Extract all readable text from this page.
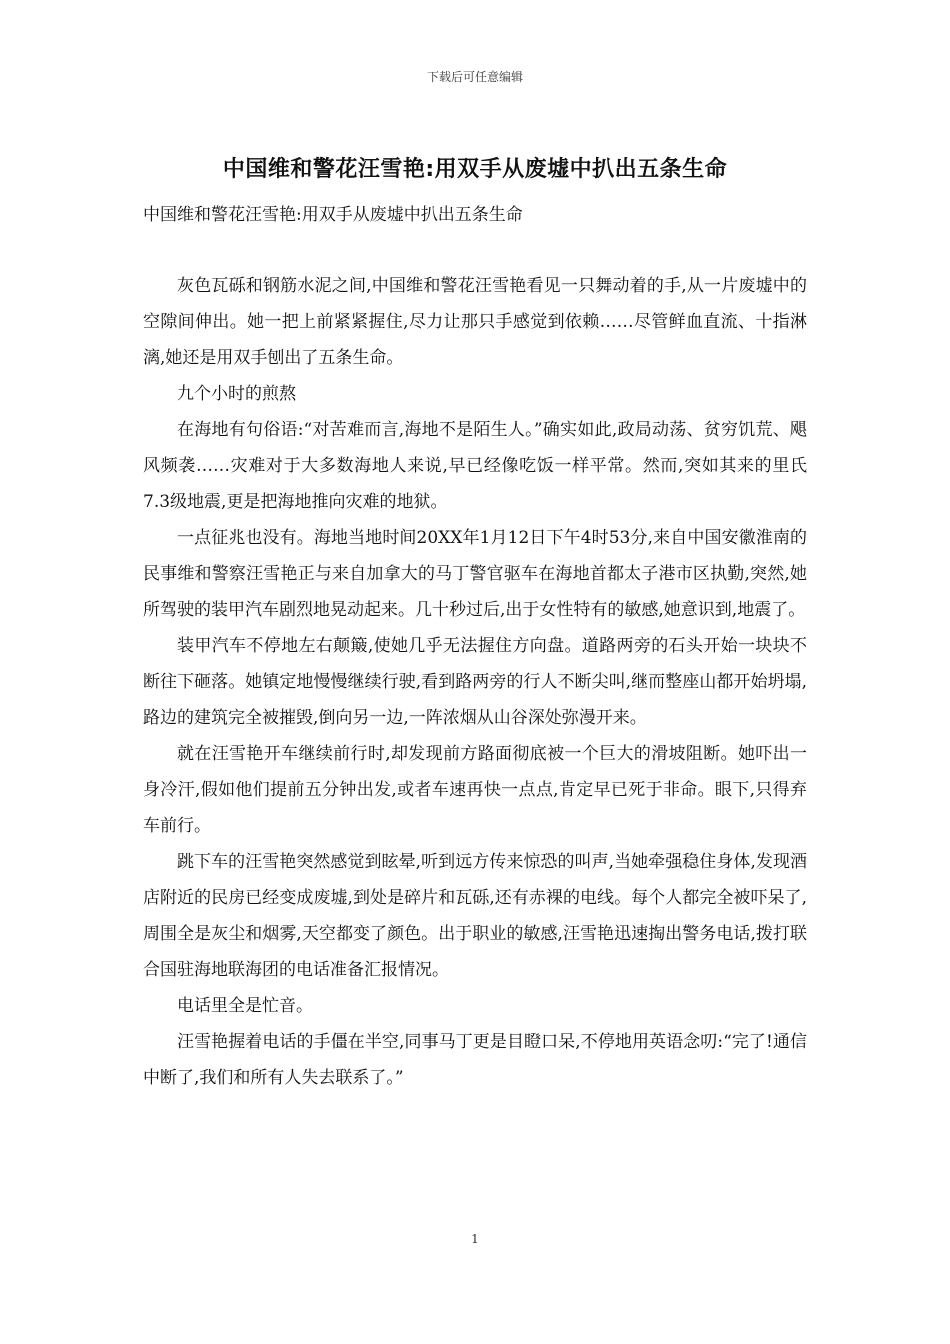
下载后可任意编辑
中国维和警花汪雪艳:用双手从废墟中扒出五条生命
中国维和警花汪雪艳:用双手从废墟中扒出五条生命

灰色瓦砾和钢筋水泥之间,中国维和警花汪雪艳看见一只舞动着的手,从一片废墟中的空隙间伸出。她一把上前紧紧握住,尽力让那只手感觉到依赖……尽管鲜血直流、十指淋漓,她还是用双手刨出了五条生命。

九个小时的煎熬

在海地有句俗语:“对苦难而言,海地不是陌生人。”确实如此,政局动荡、贫穷饥荒、飓风频袭……灾难对于大多数海地人来说,早已经像吃饭一样平常。然而,突如其来的里氏7.3级地震,更是把海地推向灾难的地狱。

一点征兆也没有。海地当地时间20XX年1月12日下午4时53分,来自中国安徽淮南的民事维和警察汪雪艳正与来自加拿大的马丁警官驱车在海地首都太子港市区执勤,突然,她所驾驶的装甲汽车剧烈地晃动起来。几十秒过后,出于女性特有的敏感,她意识到,地震了。

装甲汽车不停地左右颠簸,使她几乎无法握住方向盘。道路两旁的石头开始一块块不断往下砸落。她镇定地慢慢继续行驶,看到路两旁的行人不断尖叫,继而整座山都开始坍塌,路边的建筑完全被摧毁,倒向另一边,一阵浓烟从山谷深处弥漫开来。

就在汪雪艳开车继续前行时,却发现前方路面彻底被一个巨大的滑坡阻断。她吓出一身冷汗,假如他们提前五分钟出发,或者车速再快一点点,肯定早已死于非命。眼下,只得弃车前行。

跳下车的汪雪艳突然感觉到眩晕,听到远方传来惊恐的叫声,当她牵强稳住身体,发现酒店附近的民房已经变成废墟,到处是碎片和瓦砾,还有赤裸的电线。每个人都完全被吓呆了,周围全是灰尘和烟雾,天空都变了颜色。出于职业的敏感,汪雪艳迅速掏出警务电话,拨打联合国驻海地联海团的电话准备汇报情况。

电话里全是忙音。

汪雪艳握着电话的手僵在半空,同事马丁更是目瞪口呆,不停地用英语念叨:“完了!通信中断了,我们和所有人失去联系了。”

1
